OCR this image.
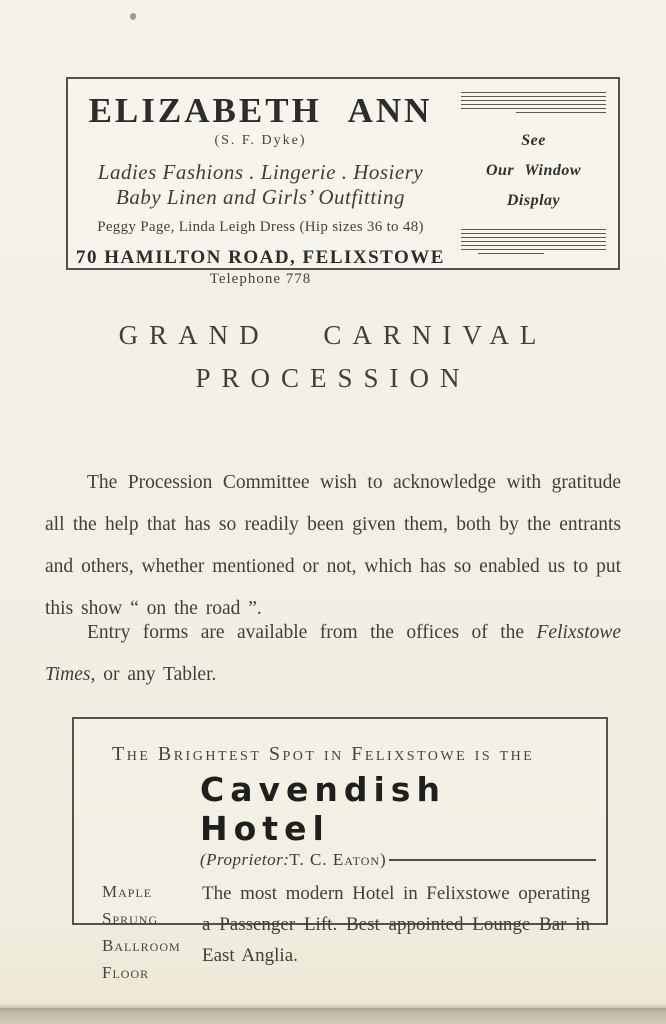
ELIZABETH ANN
(S. F. Dyke)
Ladies Fashions . Lingerie . Hosiery
Baby Linen and Girls’ Outfitting
Peggy Page, Linda Leigh Dress (Hip sizes 36 to 48)
70 HAMILTON ROAD, FELIXSTOWE
Telephone 778
See
Our Window
Display
GRAND CARNIVAL
PROCESSION

The Procession Committee wish to acknowledge with gratitude all the help that has so readily been given them, both by the entrants and others, whether mentioned or not, which has so enabled us to put this show “ on the road ”.

Entry forms are available from the offices of the Felixstowe Times, or any Tabler.

The Brightest Spot in Felixstowe is the
Cavendish Hotel
(Proprietor: T. C. Eaton)
Maple
Sprung
Ballroom
Floor
The most modern Hotel in Felixstowe operating a Passenger Lift. Best appointed Lounge Bar in East Anglia.
